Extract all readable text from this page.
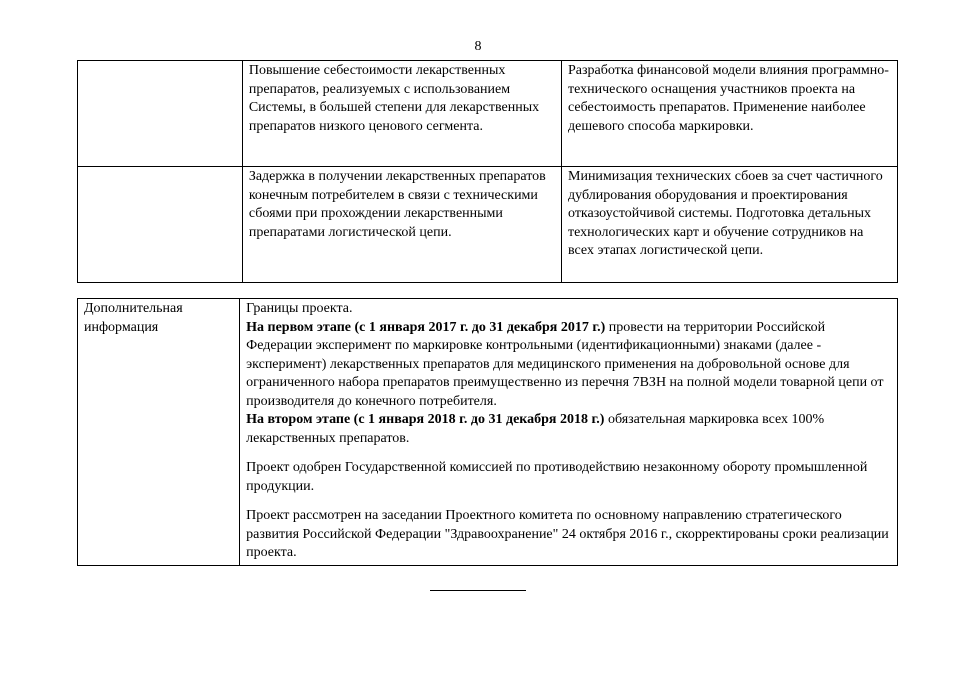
8
	Повышение себестоимости лекарственных препаратов, реализуемых с использованием Системы, в большей степени для лекарственных препаратов низкого ценового сегмента.	Разработка финансовой модели влияния программно-технического оснащения участников проекта на себестоимость препаратов. Применение наиболее дешевого способа маркировки.
	Задержка в получении лекарственных препаратов конечным потребителем в связи с техническими сбоями при прохождении лекарственными препаратами логистической цепи.	Минимизация технических сбоев за счет частичного дублирования оборудования и проектирования отказоустойчивой системы. Подготовка детальных технологических карт и обучение сотрудников на всех этапах логистической цепи.
Дополнительная информация	

Границы проекта.

На первом этапе (с 1 января 2017 г. до 31 декабря 2017 г.) провести на территории Российской Федерации эксперимент по маркировке контрольными (идентификационными) знаками (далее - эксперимент) лекарственных препаратов для медицинского применения на добровольной основе для ограниченного набора препаратов преимущественно из перечня 7ВЗН на полной модели товарной цепи от производителя до конечного потребителя.

На втором этапе (с 1 января 2018 г. до 31 декабря 2018 г.) обязательная маркировка всех 100% лекарственных препаратов.

Проект одобрен Государственной комиссией по противодействию незаконному обороту промышленной продукции.

Проект рассмотрен на заседании Проектного комитета по основному направлению стратегического развития Российской Федерации "Здравоохранение" 24 октября 2016 г., скорректированы сроки реализации проекта.
